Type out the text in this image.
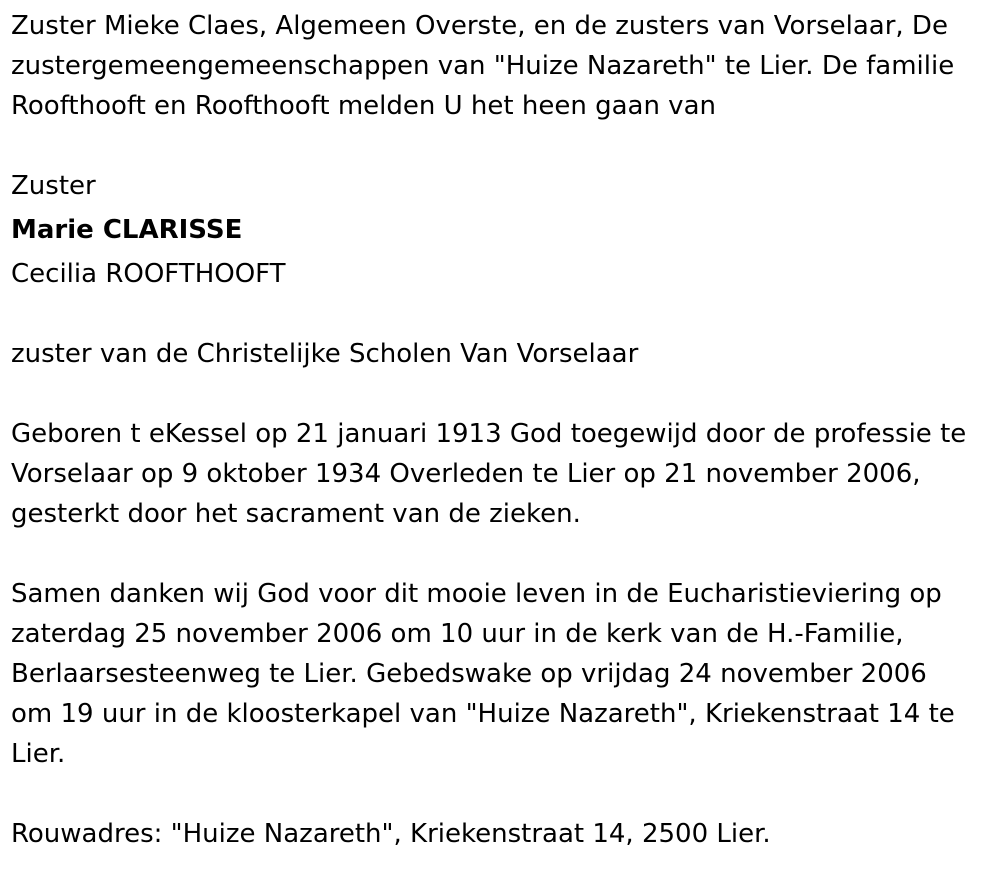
Zuster Mieke Claes, Algemeen Overste, en de zusters van Vorselaar, De
zustergemeengemeenschappen van "Huize Nazareth" te Lier. De familie
Roofthooft en Roofthooft melden U het heen gaan van

Zuster

Marie CLARISSE

Cecilia ROOFTHOOFT

zuster van de Christelijke Scholen Van Vorselaar

Geboren t eKessel op 21 januari 1913 God toegewijd door de professie te
Vorselaar op 9 oktober 1934 Overleden te Lier op 21 november 2006,
gesterkt door het sacrament van de zieken.

Samen danken wij God voor dit mooie leven in de Eucharistieviering op
zaterdag 25 november 2006 om 10 uur in de kerk van de H.-Familie,
Berlaarsesteenweg te Lier. Gebedswake op vrijdag 24 november 2006
om 19 uur in de kloosterkapel van "Huize Nazareth", Kriekenstraat 14 te
Lier.

Rouwadres: "Huize Nazareth", Kriekenstraat 14, 2500 Lier.
